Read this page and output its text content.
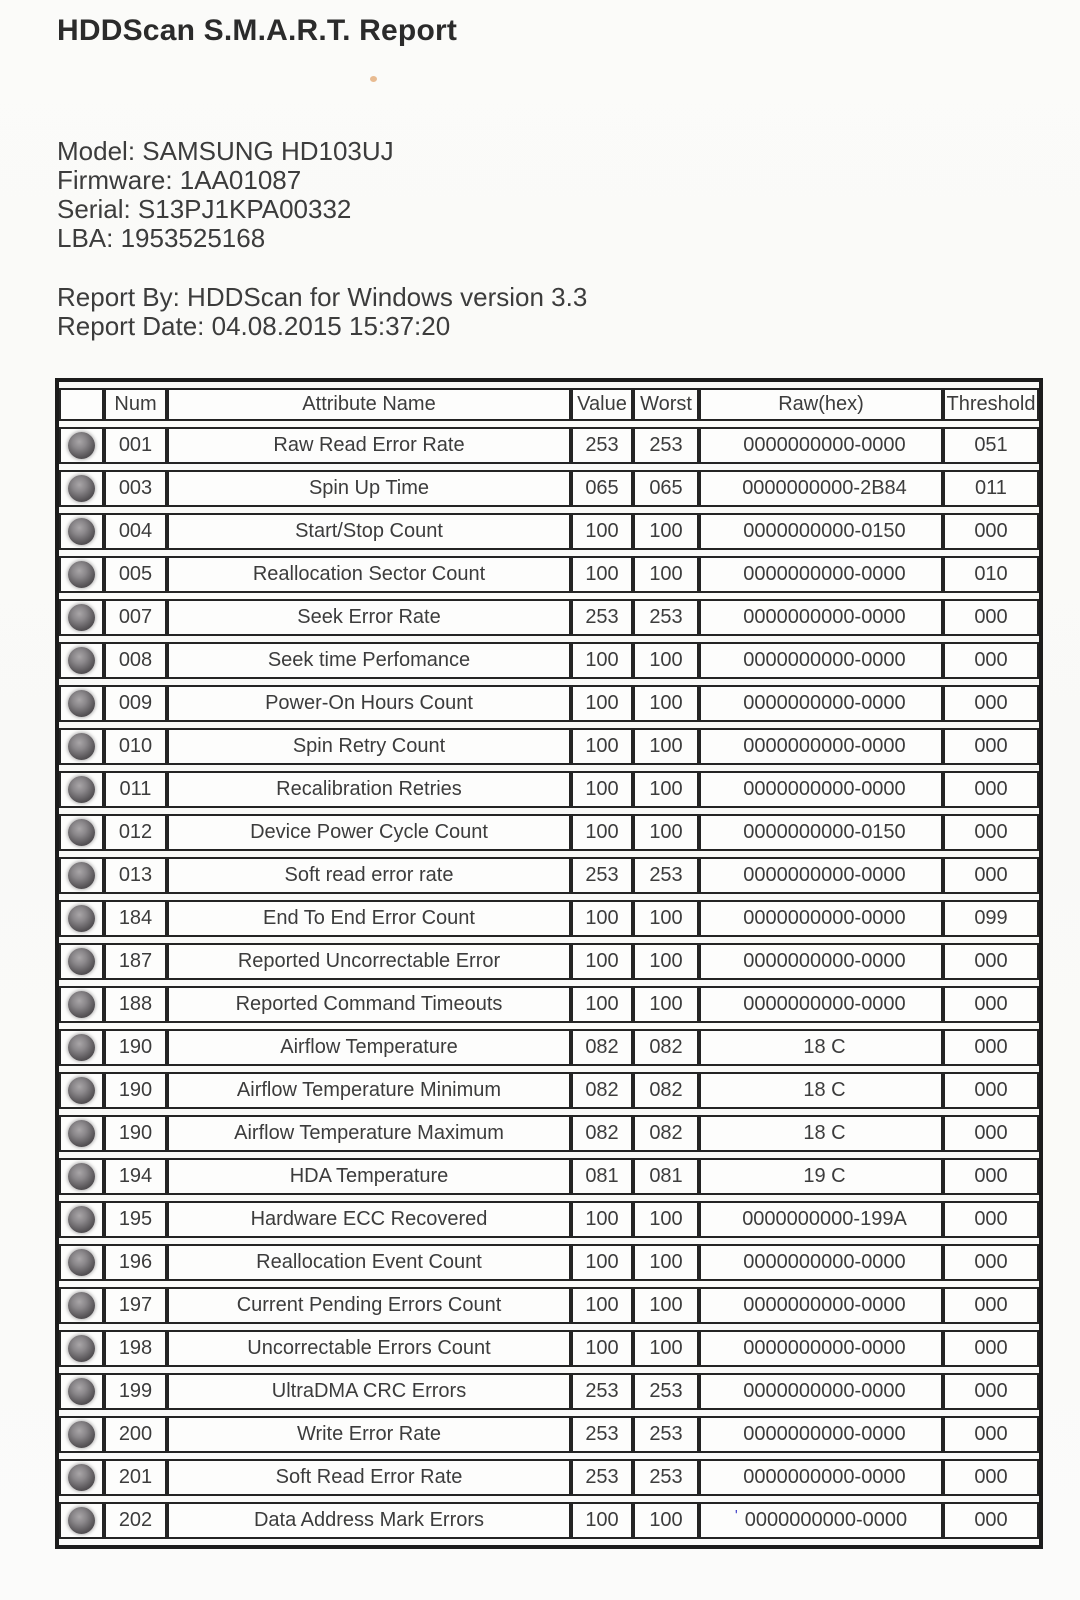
HDDScan S.M.A.R.T. Report
Model: SAMSUNG HD103UJ
Firmware: 1AA01087
Serial: S13PJ1KPA00332
LBA: 1953525168
Report By: HDDScan for Windows version 3.3
Report Date: 04.08.2015 15:37:20
	Num	Attribute Name	Value	Worst	Raw(hex)	Threshold
	001	Raw Read Error Rate	253	253	0000000000-0000	051
	003	Spin Up Time	065	065	0000000000-2B84	011
	004	Start/Stop Count	100	100	0000000000-0150	000
	005	Reallocation Sector Count	100	100	0000000000-0000	010
	007	Seek Error Rate	253	253	0000000000-0000	000
	008	Seek time Perfomance	100	100	0000000000-0000	000
	009	Power-On Hours Count	100	100	0000000000-0000	000
	010	Spin Retry Count	100	100	0000000000-0000	000
	011	Recalibration Retries	100	100	0000000000-0000	000
	012	Device Power Cycle Count	100	100	0000000000-0150	000
	013	Soft read error rate	253	253	0000000000-0000	000
	184	End To End Error Count	100	100	0000000000-0000	099
	187	Reported Uncorrectable Error	100	100	0000000000-0000	000
	188	Reported Command Timeouts	100	100	0000000000-0000	000
	190	Airflow Temperature	082	082	18 C	000
	190	Airflow Temperature Minimum	082	082	18 C	000
	190	Airflow Temperature Maximum	082	082	18 C	000
	194	HDA Temperature	081	081	19 C	000
	195	Hardware ECC Recovered	100	100	0000000000-199A	000
	196	Reallocation Event Count	100	100	0000000000-0000	000
	197	Current Pending Errors Count	100	100	0000000000-0000	000
	198	Uncorrectable Errors Count	100	100	0000000000-0000	000
	199	UltraDMA CRC Errors	253	253	0000000000-0000	000
	200	Write Error Rate	253	253	0000000000-0000	000
	201	Soft Read Error Rate	253	253	0000000000-0000	000
	202	Data Address Mark Errors	100	100	' 0000000000-0000	000
